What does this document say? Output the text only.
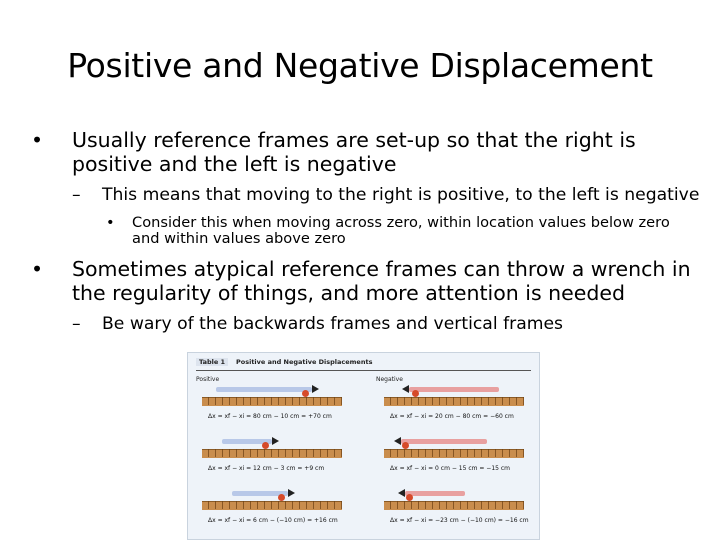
Positive and Negative Displacement
• Usually reference frames are set-up so that the right is positive and the left is negative
– This means that moving to the right is positive, to the left is negative
• Consider this when moving across zero, within location values below zero and within values above zero
• Sometimes atypical reference frames can throw a wrench in the regularity of things, and more attention is needed
– Be wary of the backwards frames and vertical frames
Table 1	Positive and Negative Displacements
Positive	Negative
Δx = xf − xi = 80 cm − 10 cm = +70 cm	Δx = xf − xi = 20 cm − 80 cm = −60 cm
Δx = xf − xi = 12 cm − 3 cm = +9 cm	Δx = xf − xi = 0 cm − 15 cm = −15 cm
Δx = xf − xi = 6 cm − (−10 cm) = +16 cm	Δx = xf − xi = −23 cm − (−10 cm) = −16 cm
